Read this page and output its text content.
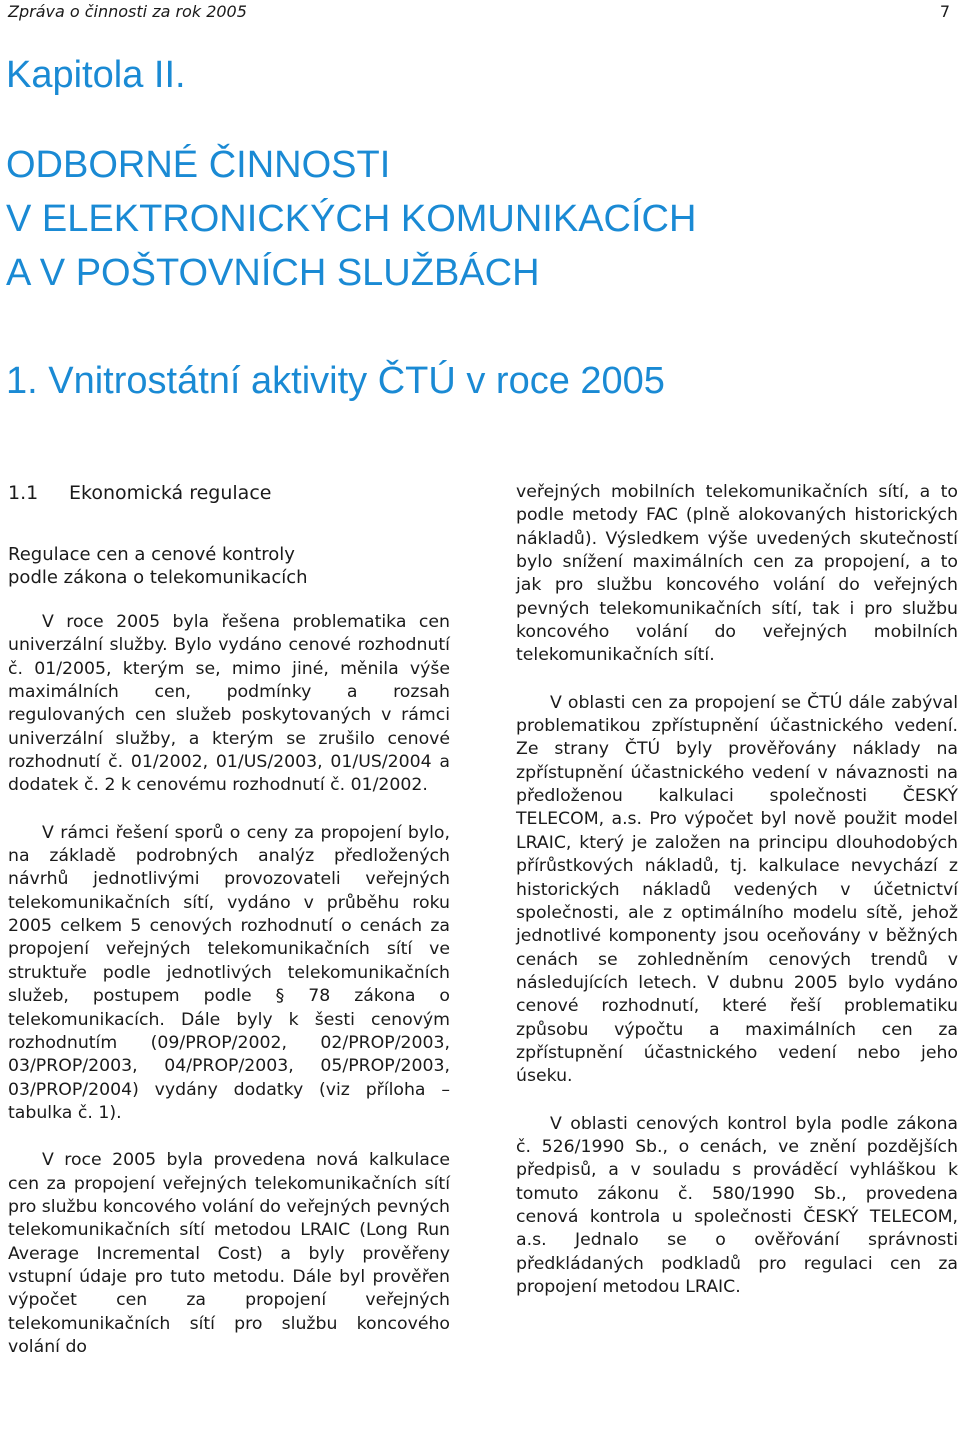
Zpráva o činnosti za rok 2005	7
Kapitola II.
ODBORNÉ ČINNOSTI
V ELEKTRONICKÝCH KOMUNIKACÍCH
A V POŠTOVNÍCH SLUŽBÁCH
1. Vnitrostátní aktivity ČTÚ v roce 2005
1.1 Ekonomická regulace
Regulace cen a cenové kontroly
podle zákona o telekomunikacích

V roce 2005 byla řešena problematika cen univerzální služby. Bylo vydáno cenové rozhodnutí č. 01/2005, kterým se, mimo jiné, měnila výše maximálních cen, podmínky a rozsah regulovaných cen služeb poskytovaných v rámci univerzální služby, a kterým se zrušilo cenové rozhodnutí č. 01/2002, 01/US/2003, 01/US/2004 a dodatek č. 2 k cenovému rozhodnutí č. 01/2002.

V rámci řešení sporů o ceny za propojení bylo, na základě podrobných analýz předložených návrhů jednotlivými provozovateli veřejných telekomunikačních sítí, vydáno v průběhu roku 2005 celkem 5 cenových rozhodnutí o cenách za propojení veřejných telekomunikačních sítí ve struktuře podle jednotlivých telekomunikačních služeb, postupem podle § 78 zákona o telekomunikacích. Dále byly k šesti cenovým rozhodnutím (09/PROP/2002, 02/PROP/2003, 03/PROP/2003, 04/PROP/2003, 05/PROP/2003, 03/PROP/2004) vydány dodatky (viz příloha – tabulka č. 1).

V roce 2005 byla provedena nová kalkulace cen za propojení veřejných telekomunikačních sítí pro službu koncového volání do veřejných pevných telekomunikačních sítí metodou LRAIC (Long Run Average Incremental Cost) a byly prověřeny vstupní údaje pro tuto metodu. Dále byl prověřen výpočet cen za propojení veřejných telekomunikačních sítí pro službu koncového volání do

veřejných mobilních telekomunikačních sítí, a to podle metody FAC (plně alokovaných historických nákladů). Výsledkem výše uvedených skutečností bylo snížení maximálních cen za propojení, a to jak pro službu koncového volání do veřejných pevných telekomunikačních sítí, tak i pro službu koncového volání do veřejných mobilních telekomunikačních sítí.

V oblasti cen za propojení se ČTÚ dále zabýval problematikou zpřístupnění účastnického vedení. Ze strany ČTÚ byly prověřovány náklady na zpřístupnění účastnického vedení v návaznosti na předloženou kalkulaci společnosti ČESKÝ TELECOM, a.s. Pro výpočet byl nově použit model LRAIC, který je založen na principu dlouhodobých přírůstkových nákladů, tj. kalkulace nevychází z historických nákladů vedených v účetnictví společnosti, ale z optimálního modelu sítě, jehož jednotlivé komponenty jsou oceňovány v běžných cenách se zohledněním cenových trendů v následujících letech. V dubnu 2005 bylo vydáno cenové rozhodnutí, které řeší problematiku způsobu výpočtu a maximálních cen za zpřístupnění účastnického vedení nebo jeho úseku.

V oblasti cenových kontrol byla podle zákona č. 526/1990 Sb., o cenách, ve znění pozdějších předpisů, a v souladu s prováděcí vyhláškou k tomuto zákonu č. 580/1990 Sb., provedena cenová kontrola u společnosti ČESKÝ TELECOM, a.s. Jednalo se o ověřování správnosti předkládaných podkladů pro regulaci cen za propojení metodou LRAIC.
